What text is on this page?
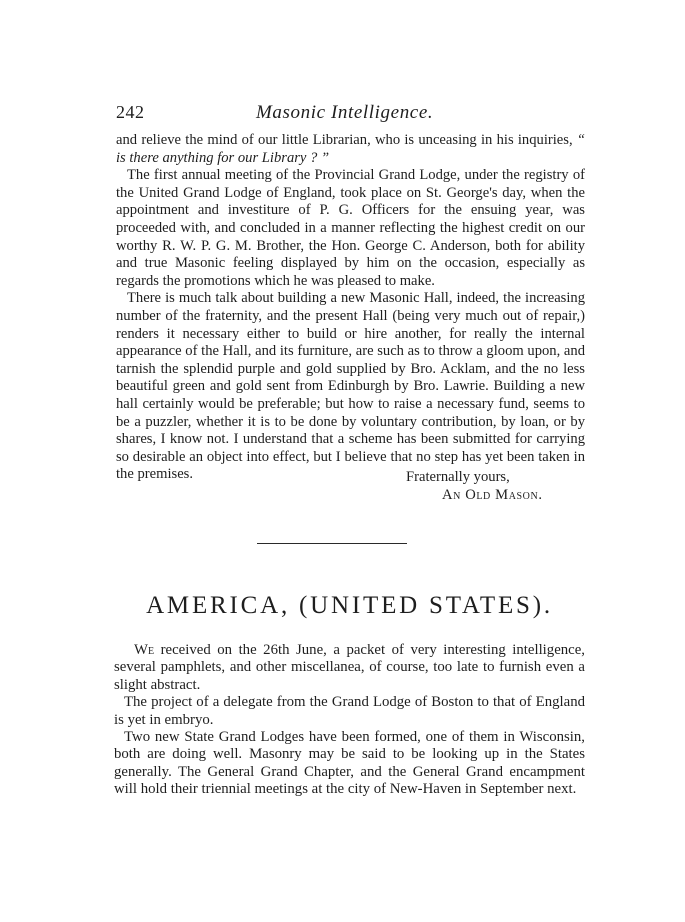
242	Masonic Intelligence.

and relieve the mind of our little Librarian, who is unceasing in his inquiries, “ is there anything for our Library ? ”

The first annual meeting of the Provincial Grand Lodge, under the registry of the United Grand Lodge of England, took place on St. George's day, when the appointment and investiture of P. G. Officers for the ensuing year, was proceeded with, and concluded in a manner reflecting the highest credit on our worthy R. W. P. G. M. Brother, the Hon. George C. Anderson, both for ability and true Masonic feeling displayed by him on the occasion, especially as regards the promotions which he was pleased to make.

There is much talk about building a new Masonic Hall, indeed, the increasing number of the fraternity, and the present Hall (being very much out of repair,) renders it necessary either to build or hire another, for really the internal appearance of the Hall, and its furniture, are such as to throw a gloom upon, and tarnish the splendid purple and gold supplied by Bro. Acklam, and the no less beautiful green and gold sent from Edinburgh by Bro. Lawrie. Building a new hall certainly would be preferable; but how to raise a necessary fund, seems to be a puzzler, whether it is to be done by voluntary contribution, by loan, or by shares, I know not. I understand that a scheme has been submitted for carrying so desirable an object into effect, but I believe that no step has yet been taken in the premises.	Fraternally yours,
An Old Mason.
AMERICA, (UNITED STATES).

We received on the 26th June, a packet of very interesting intelligence, several pamphlets, and other miscellanea, of course, too late to furnish even a slight abstract.

The project of a delegate from the Grand Lodge of Boston to that of England is yet in embryo.

Two new State Grand Lodges have been formed, one of them in Wisconsin, both are doing well. Masonry may be said to be looking up in the States generally. The General Grand Chapter, and the General Grand encampment will hold their triennial meetings at the city of New-Haven in September next.
